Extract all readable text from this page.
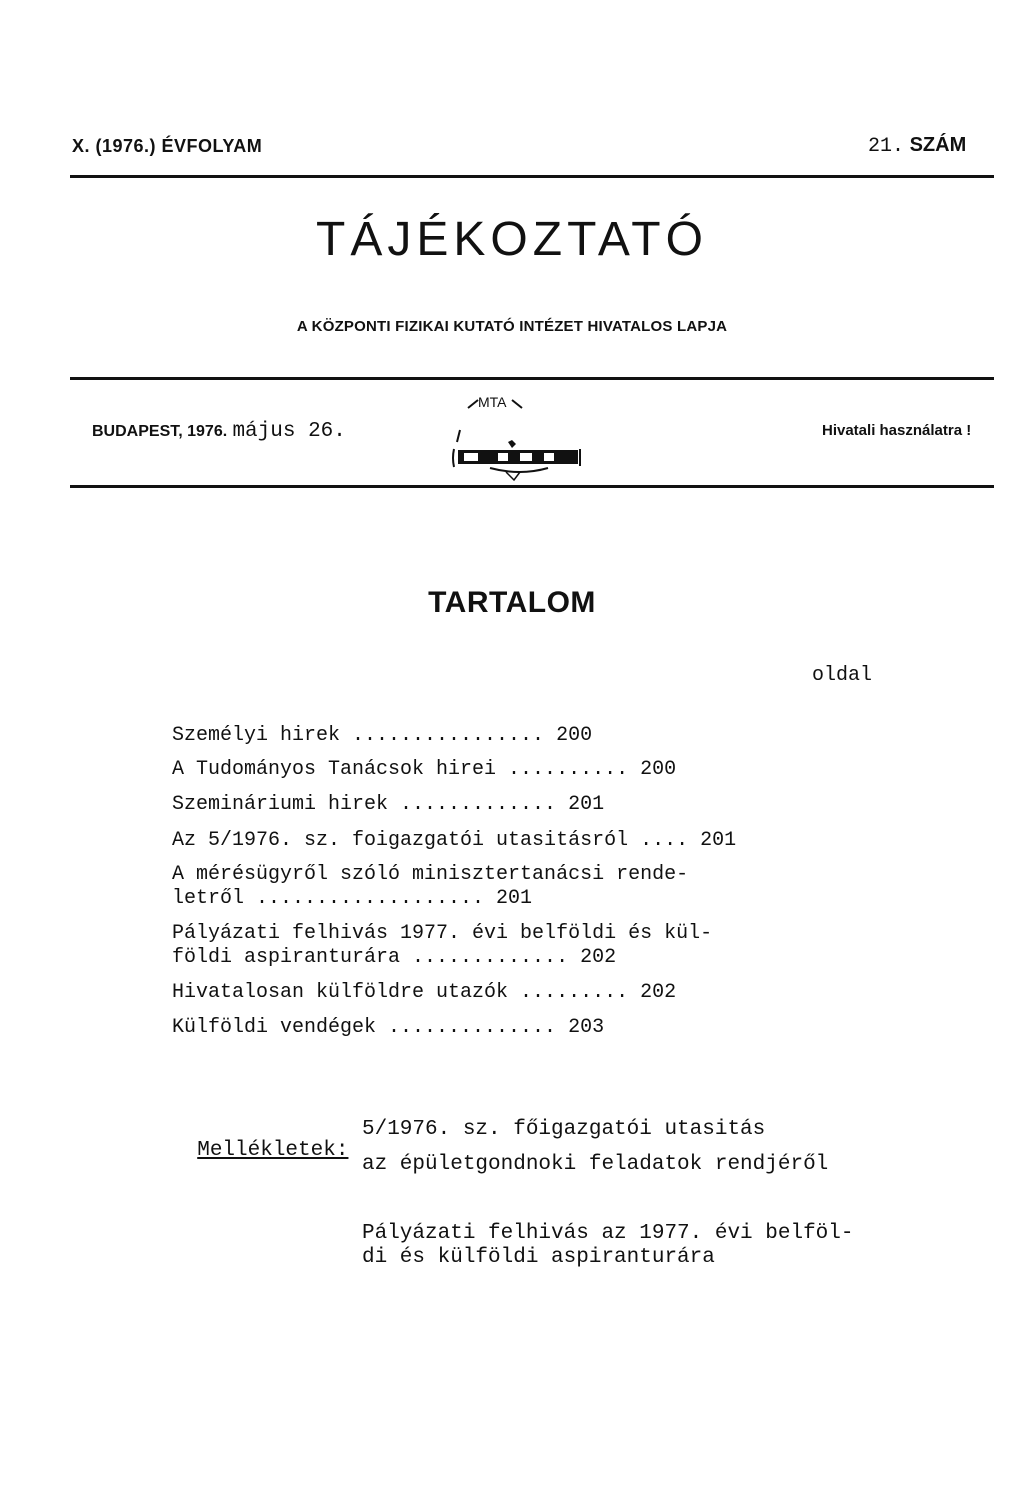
X. (1976.) ÉVFOLYAM	21. SZÁM
TÁJÉKOZTATÓ
A KÖZPONTI FIZIKAI KUTATÓ INTÉZET HIVATALOS LAPJA
BUDAPEST, 1976. május 26.
MTA
Hivatali használatra !
TARTALOM
oldal
Személyi hirek ................ 200
A Tudományos Tanácsok hirei .......... 200
Szemináriumi hirek ............. 201
Az 5/1976. sz. foigazgatói utasitásról .... 201
A mérésügyről szóló minisztertanácsi rende-
letről ................... 201
Pályázati felhivás 1977. évi belföldi és kül-
földi aspiranturára ............. 202
Hivatalosan külföldre utazók ......... 202
Külföldi vendégek .............. 203

Mellékletek:

5/1976. sz. főigazgatói utasitás
az épületgondnoki feladatok rendjéről
Pályázati felhivás az 1977. évi belföl-
di és külföldi aspiranturára
